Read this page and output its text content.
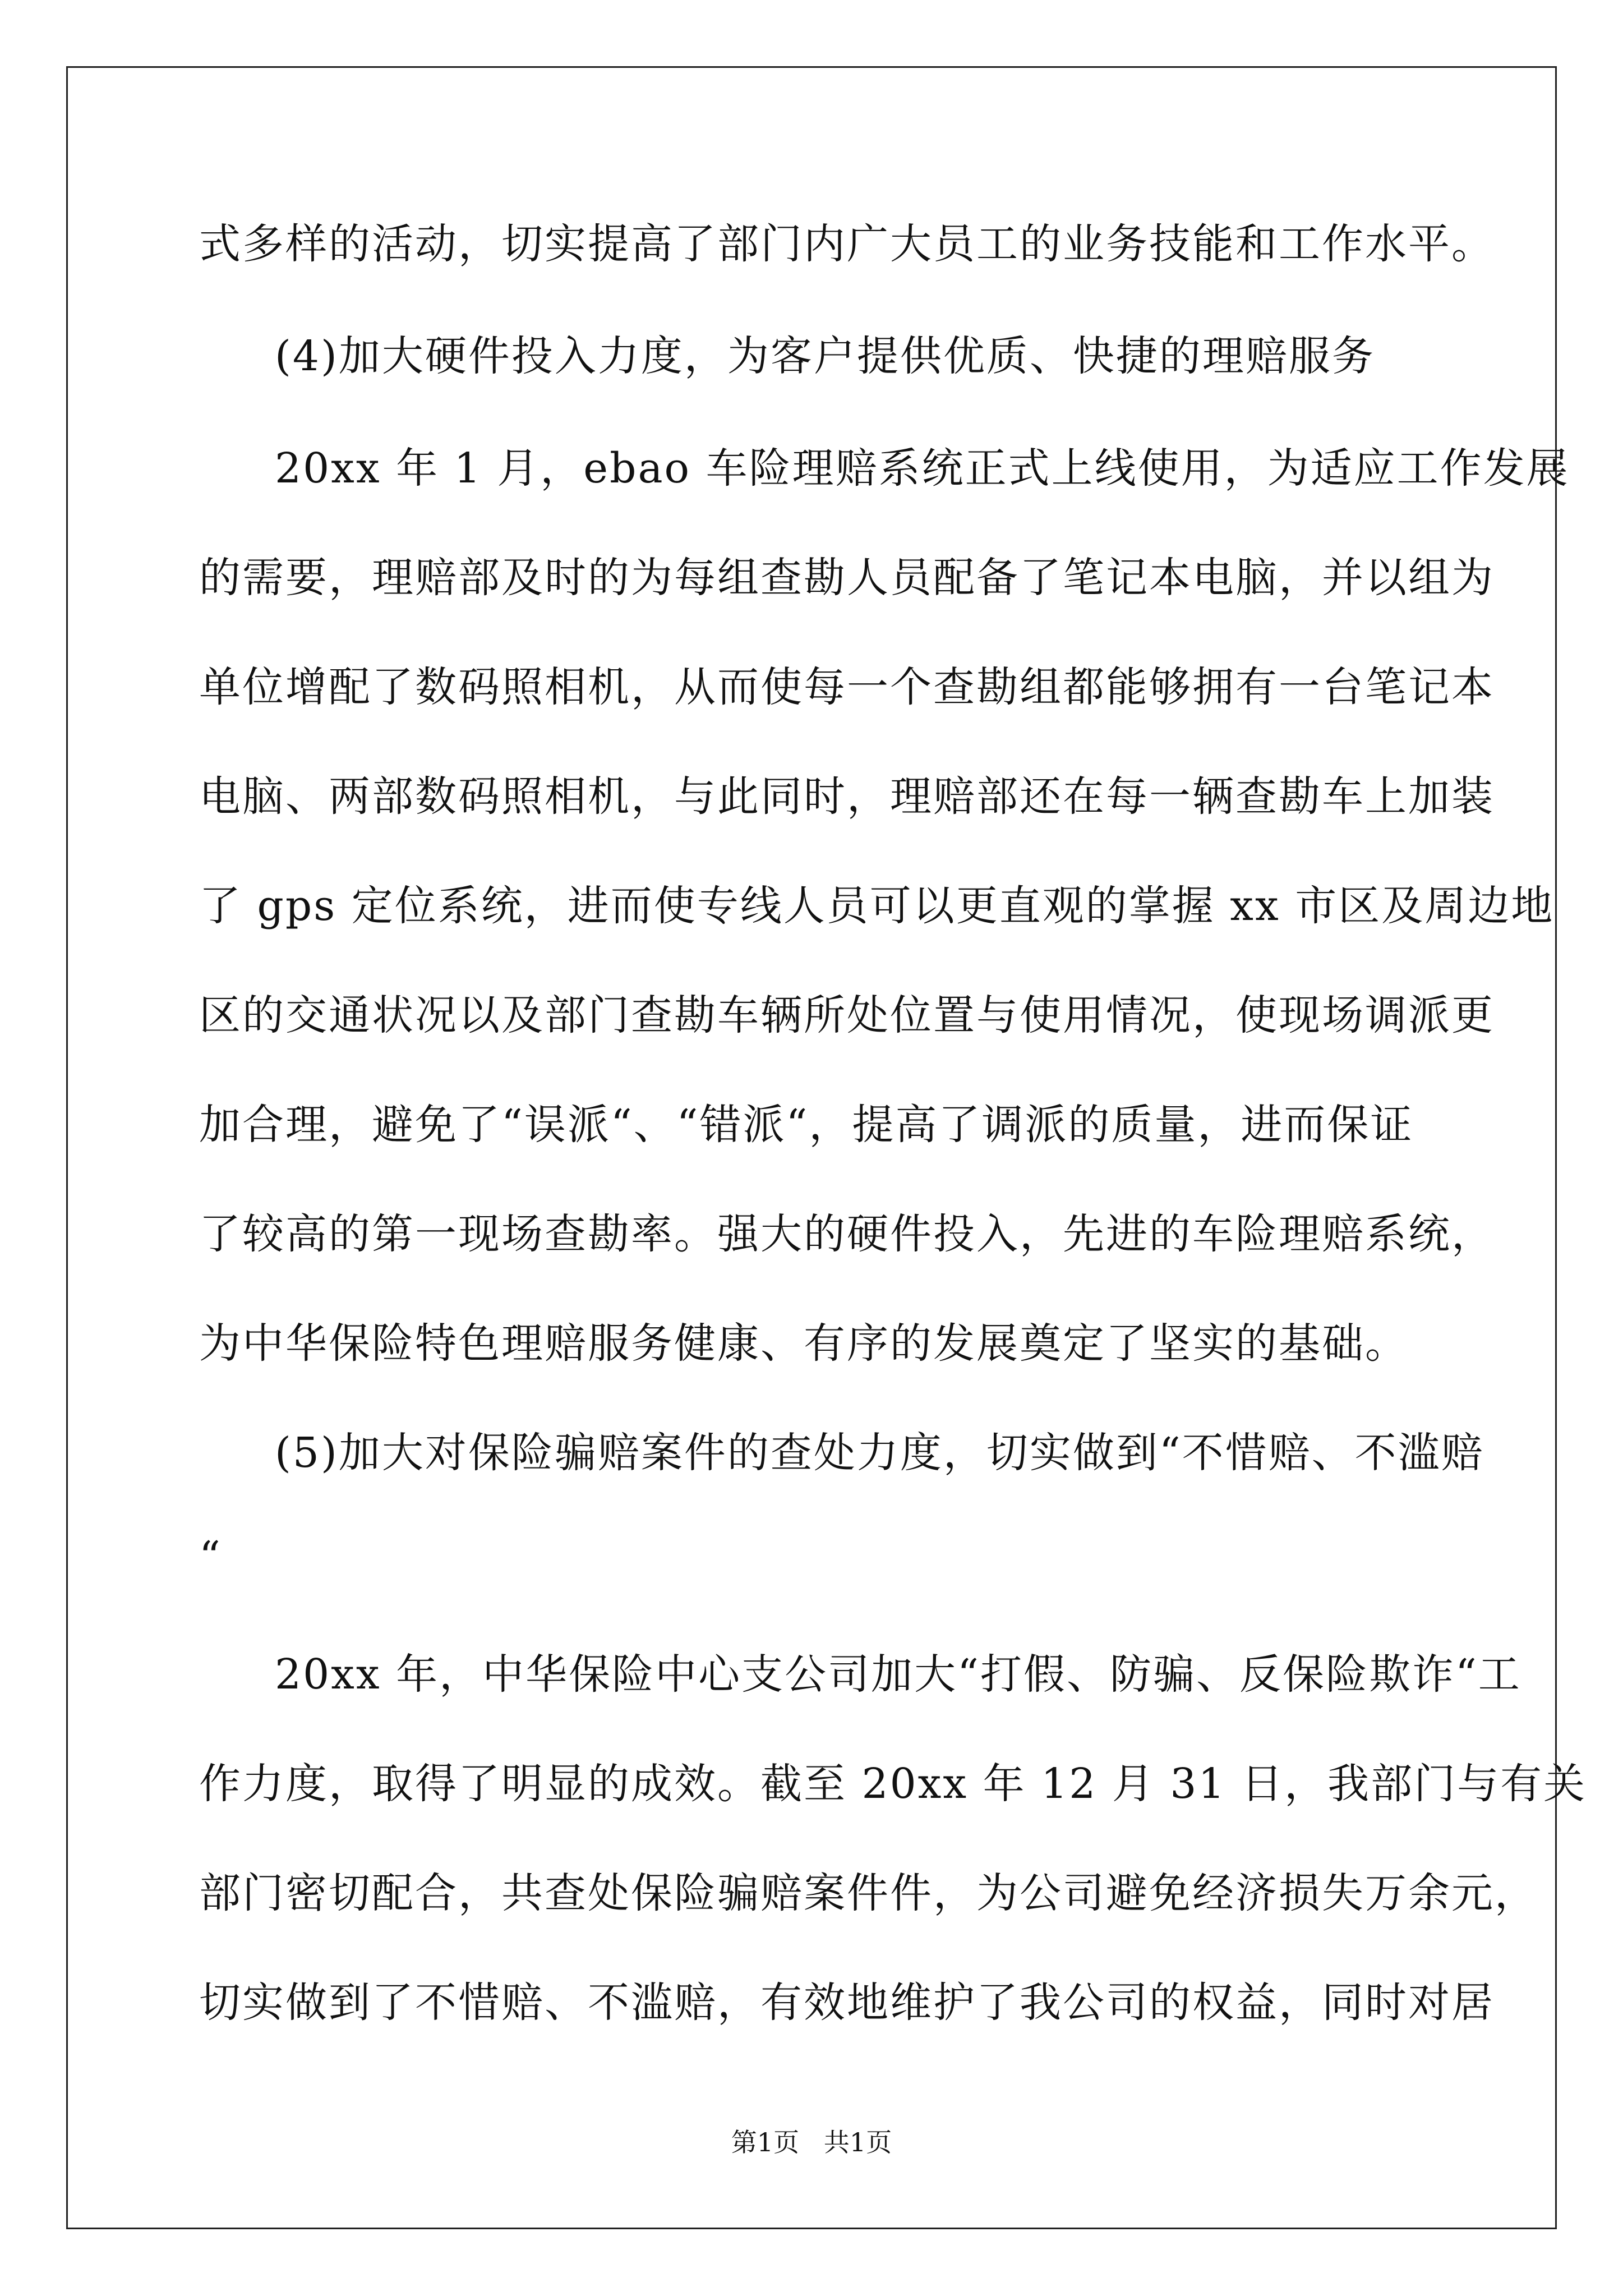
式多样的活动，切实提高了部门内广大员工的业务技能和工作水平。
(4)加大硬件投入力度，为客户提供优质、快捷的理赔服务
20xx 年 1 月，ebao 车险理赔系统正式上线使用，为适应工作发展
的需要，理赔部及时的为每组查勘人员配备了笔记本电脑，并以组为
单位增配了数码照相机，从而使每一个查勘组都能够拥有一台笔记本
电脑、两部数码照相机，与此同时，理赔部还在每一辆查勘车上加装
了 gps 定位系统，进而使专线人员可以更直观的掌握 xx 市区及周边地
区的交通状况以及部门查勘车辆所处位置与使用情况，使现场调派更
加合理，避免了“误派“、“错派“，提高了调派的质量，进而保证
了较高的第一现场查勘率。强大的硬件投入，先进的车险理赔系统，
为中华保险特色理赔服务健康、有序的发展奠定了坚实的基础。
(5)加大对保险骗赔案件的查处力度，切实做到“不惜赔、不滥赔
“
20xx 年，中华保险中心支公司加大“打假、防骗、反保险欺诈“工
作力度，取得了明显的成效。截至 20xx 年 12 月 31 日，我部门与有关
部门密切配合，共查处保险骗赔案件件，为公司避免经济损失万余元，
切实做到了不惜赔、不滥赔，有效地维护了我公司的权益，同时对居
第1页   共1页
